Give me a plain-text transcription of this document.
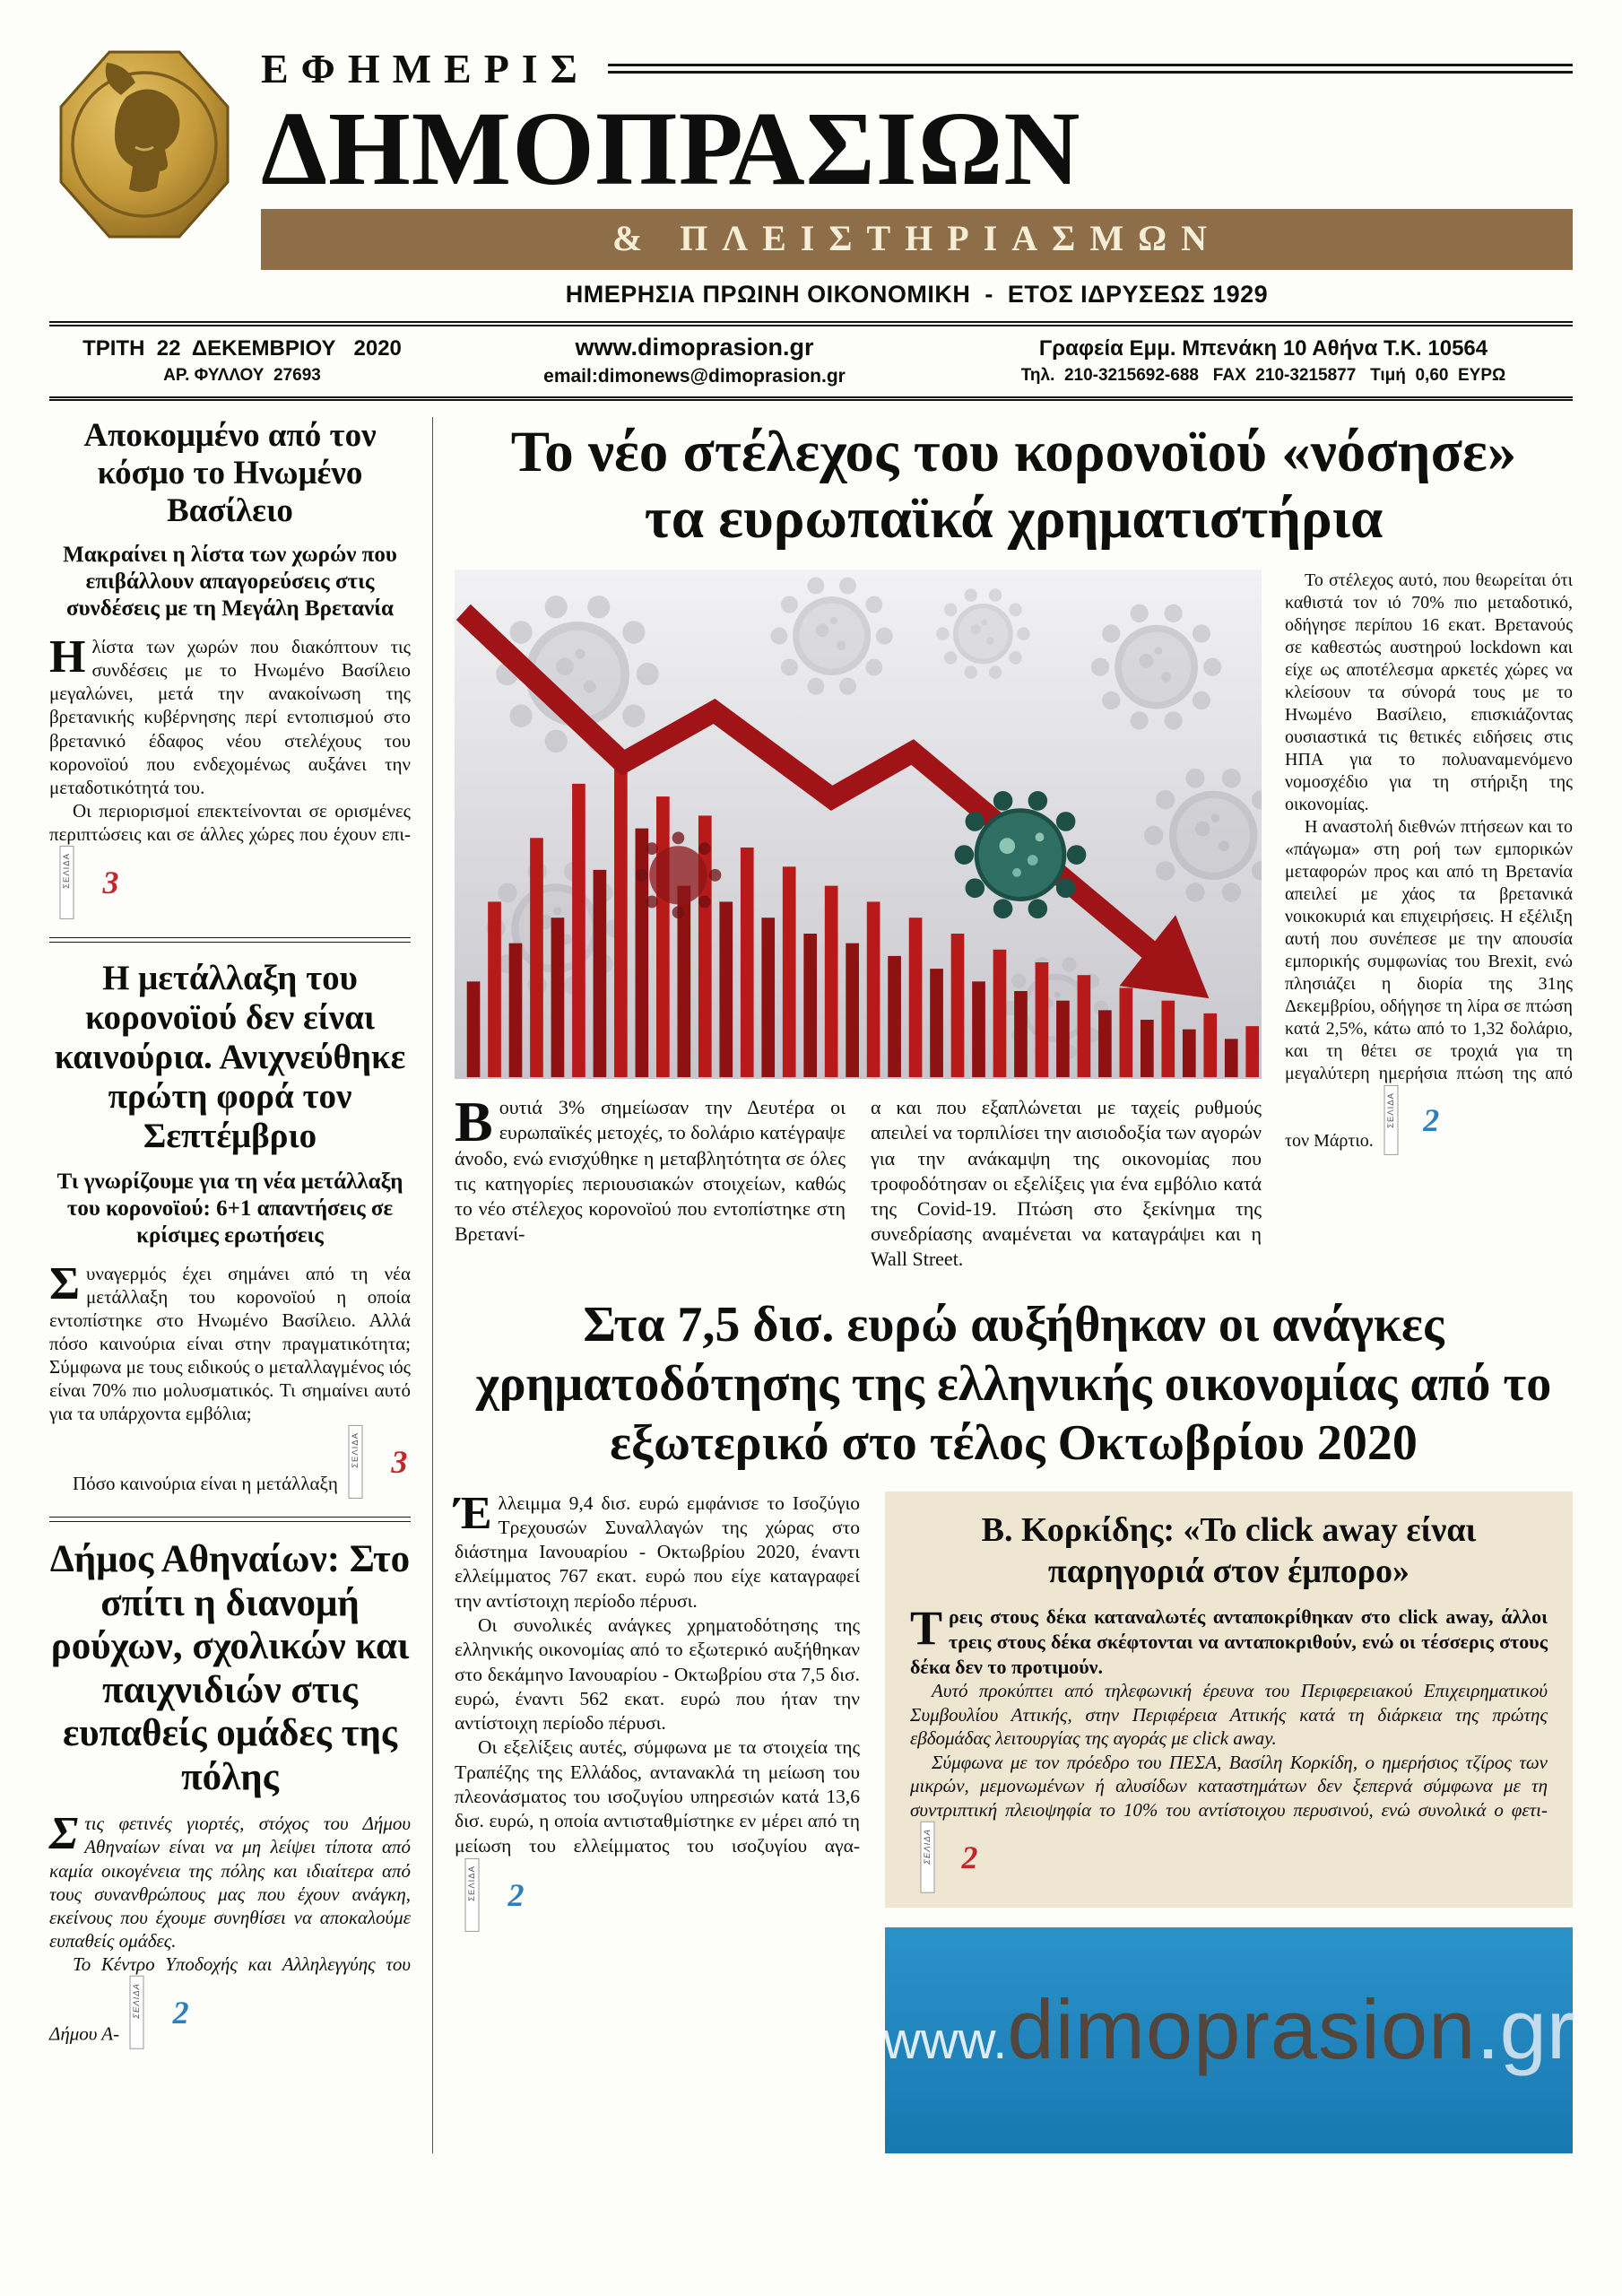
ΕΦΗΜΕΡΙΣ
ΔΗΜΟΠΡΑΣΙΩΝ
& ΠΛΕΙΣΤΗΡΙΑΣΜΩΝ
ΗΜΕΡΗΣΙΑ ΠΡΩΙΝΗ ΟΙΚΟΝΟΜΙΚΗ  -  ΕΤΟΣ ΙΔΡΥΣΕΩΣ 1929
ΤΡΙΤΗ  22  ΔΕΚΕΜΒΡΙΟΥ   2020
ΑΡ. ΦΥΛΛΟΥ  27693
www.dimoprasion.gr
email:dimonews@dimoprasion.gr
Γραφεία Εμμ. Μπενάκη 10 Αθήνα Τ.Κ. 10564
Τηλ.  210-3215692-688   FAX  210-3215877   Τιμή  0,60  ΕΥΡΩ
Αποκομμένο από τον κόσμο το Ηνωμένο Βασίλειο

Μακραίνει η λίστα των χωρών που επιβάλλουν απαγορεύσεις στις συνδέσεις με τη Μεγάλη Βρετανία

Ηλίστα των χωρών που διακόπτουν τις συνδέσεις με το Ηνωμένο Βασίλειο μεγαλώνει, μετά την ανακοίνωση της βρετανικής κυβέρνησης περί εντοπισμού στο βρετανικό έδαφος νέου στελέχους του κορονοϊού που ενδεχομένως αυξάνει την μεταδοτικότητά του.

Οι περιορισμοί επεκτείνονται σε ορισμένες περιπτώσεις και σε άλλες χώρες που έχουν επι-
ΣΕΛΙΔΑ 3

Η μετάλλαξη του κορονοϊού δεν είναι καινούρια. Ανιχνεύθηκε πρώτη φορά τον Σεπτέμβριο

Τι γνωρίζουμε για τη νέα μετάλλαξη του κορονοϊού: 6+1 απαντήσεις σε κρίσιμες ερωτήσεις

Συναγερμός έχει σημάνει από τη νέα μετάλλαξη του κορονοϊού η οποία εντοπίστηκε στο Ηνωμένο Βασίλειο. Αλλά πόσο καινούρια είναι στην πραγματικότητα; Σύμφωνα με τους ειδικούς ο μεταλλαγμένος ιός είναι 70% πιο μολυσματικός. Τι σημαίνει αυτό για τα υπάρχοντα εμβόλια;

Πόσο καινούρια είναι η μετάλλαξη
ΣΕΛΙΔΑ 3

Δήμος Αθηναίων: Στο σπίτι η διανομή ρούχων, σχολικών και παιχνιδιών στις ευπαθείς ομάδες της πόλης

Στις φετινές γιορτές, στόχος του Δήμου Αθηναίων είναι να μη λείψει τίποτα από καμία οικογένεια της πόλης και ιδιαίτερα από τους συνανθρώπους μας που έχουν ανάγκη, εκείνους που έχουμε συνηθίσει να αποκαλούμε ευπαθείς ομάδες.

Το Κέντρο Υποδοχής και Αλληλεγγύης του Δήμου Α-
ΣΕΛΙΔΑ 2

Το νέο στέλεχος του κορονοϊού «νόσησε» τα ευρωπαϊκά χρηματιστήρια

Βουτιά 3% σημείωσαν την Δευτέρα οι ευρωπαϊκές μετοχές, το δολάριο κατέγραψε άνοδο, ενώ ενισχύθηκε η μεταβλητότητα σε όλες τις κατηγορίες περιουσιακών στοιχείων, καθώς το νέο στέλεχος κορονοϊού που εντοπίστηκε στη Βρετανί-

α και που εξαπλώνεται με ταχείς ρυθμούς απειλεί να τορπιλίσει την αισιοδοξία των αγορών για την ανάκαμψη της οικονομίας που τροφοδότησαν οι εξελίξεις για ένα εμβόλιο κατά της Covid-19. Πτώση στο ξεκίνημα της συνεδρίασης αναμένεται να καταγράψει και η Wall Street.

Το στέλεχος αυτό, που θεωρείται ότι καθιστά τον ιό 70% πιο μεταδοτικό, οδήγησε περίπου 16 εκατ. Βρετανούς σε καθεστώς αυστηρού lockdown και είχε ως αποτέλεσμα αρκετές χώρες να κλείσουν τα σύνορά τους με το Ηνωμένο Βασίλειο, επισκιάζοντας ουσιαστικά τις θετικές ειδήσεις στις ΗΠΑ για το πολυαναμενόμενο νομοσχέδιο για τη στήριξη της οικονομίας.

Η αναστολή διεθνών πτήσεων και το «πάγωμα» στη ροή των εμπορικών μεταφορών προς και από τη Βρετανία απειλεί με χάος τα βρετανικά νοικοκυριά και επιχειρήσεις. Η εξέλιξη αυτή που συνέπεσε με την απουσία εμπορικής συμφωνίας του Brexit, ενώ πλησιάζει η διορία της 31ης Δεκεμβρίου, οδήγησε τη λίρα σε πτώση κατά 2,5%, κάτω από το 1,32 δολάριο, και τη θέτει σε τροχιά για τη μεγαλύτερη ημερήσια πτώση της από τον Μάρτιο.
ΣΕΛΙΔΑ 2

Στα 7,5 δισ. ευρώ αυξήθηκαν οι ανάγκες χρηματοδότησης της ελληνικής οικονομίας από το εξωτερικό στο τέλος Οκτωβρίου 2020

Έλλειμμα 9,4 δισ. ευρώ εμφάνισε το Ισοζύγιο Τρεχουσών Συναλλαγών της χώρας στο διάστημα Ιανουαρίου - Οκτωβρίου 2020, έναντι ελλείμματος 767 εκατ. ευρώ που είχε καταγραφεί την αντίστοιχη περίοδο πέρυσι.

Οι συνολικές ανάγκες χρηματοδότησης της ελληνικής οικονομίας από το εξωτερικό αυξήθηκαν στο δεκάμηνο Ιανουαρίου - Οκτωβρίου στα 7,5 δισ. ευρώ, έναντι 562 εκατ. ευρώ που ήταν την αντίστοιχη περίοδο πέρυσι.

Οι εξελίξεις αυτές, σύμφωνα με τα στοιχεία της Τραπέζης της Ελλάδος, αντανακλά τη μείωση του πλεονάσματος του ισοζυγίου υπηρεσιών κατά 13,6 δισ. ευρώ, η οποία αντισταθμίστηκε εν μέρει από τη μείωση του ελλείμματος του ισοζυγίου αγα-
ΣΕΛΙΔΑ 2

Β. Κορκίδης: «Το click away είναι παρηγοριά στον έμπορο»

Τρεις στους δέκα καταναλωτές ανταποκρίθηκαν στο click away, άλλοι τρεις στους δέκα σκέφτονται να ανταποκριθούν, ενώ οι τέσσερις στους δέκα δεν το προτιμούν.

Αυτό προκύπτει από τηλεφωνική έρευνα του Περιφερειακού Επιχειρηματικού Συμβουλίου Αττικής, στην Περιφέρεια Αττικής κατά τη διάρκεια της πρώτης εβδομάδας λειτουργίας της αγοράς με click away.

Σύμφωνα με τον πρόεδρο του ΠΕΣΑ, Βασίλη Κορκίδη, ο ημερήσιος τζίρος των μικρών, μεμονωμένων ή αλυσίδων καταστημάτων δεν ξεπερνά σύμφωνα με τη συντριπτική πλειοψηφία το 10% του αντίστοιχου περυσινού, ενώ συνολικά ο φετι-
ΣΕΛΙΔΑ 2

www. dimoprasion .gr
